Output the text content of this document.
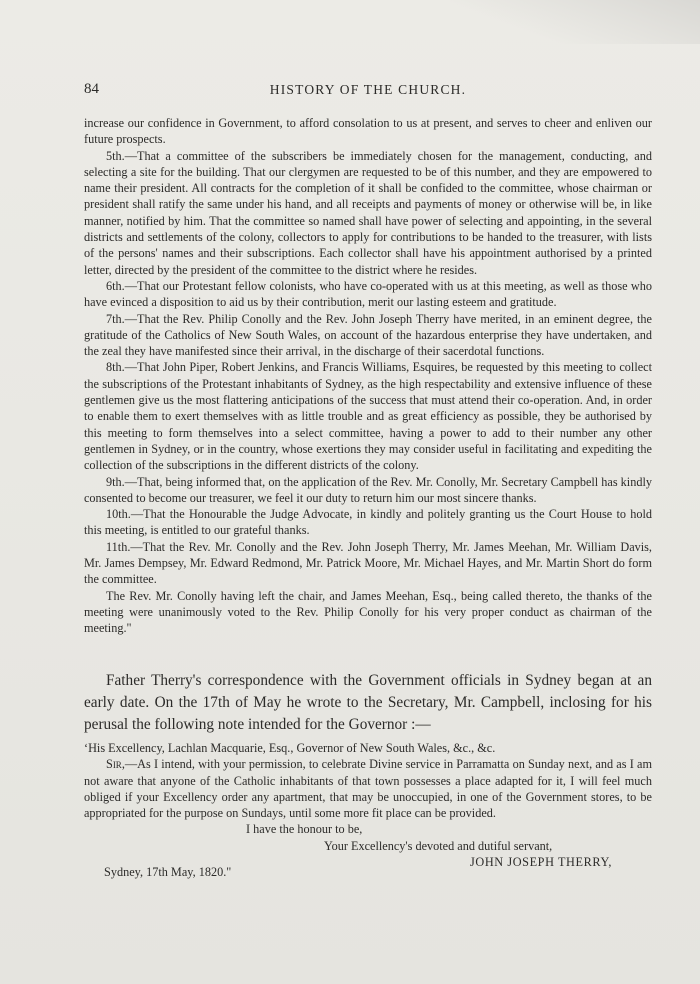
84	HISTORY OF THE CHURCH.

increase our confidence in Government, to afford consolation to us at present, and serves to cheer and enliven our future prospects.

5th.—That a committee of the subscribers be immediately chosen for the management, conducting, and selecting a site for the building. That our clergymen are requested to be of this number, and they are empowered to name their president. All contracts for the completion of it shall be confided to the committee, whose chairman or president shall ratify the same under his hand, and all receipts and payments of money or otherwise will be, in like manner, notified by him. That the committee so named shall have power of selecting and appointing, in the several districts and settlements of the colony, collectors to apply for contributions to be handed to the treasurer, with lists of the persons' names and their subscriptions. Each collector shall have his appointment authorised by a printed letter, directed by the president of the committee to the district where he resides.

6th.—That our Protestant fellow colonists, who have co-operated with us at this meeting, as well as those who have evinced a disposition to aid us by their contribution, merit our lasting esteem and gratitude.

7th.—That the Rev. Philip Conolly and the Rev. John Joseph Therry have merited, in an eminent degree, the gratitude of the Catholics of New South Wales, on account of the hazardous enterprise they have undertaken, and the zeal they have manifested since their arrival, in the discharge of their sacerdotal functions.

8th.—That John Piper, Robert Jenkins, and Francis Williams, Esquires, be requested by this meeting to collect the subscriptions of the Protestant inhabitants of Sydney, as the high respectability and extensive influence of these gentlemen give us the most flattering anticipations of the success that must attend their co-operation. And, in order to enable them to exert themselves with as little trouble and as great efficiency as possible, they be authorised by this meeting to form themselves into a select committee, having a power to add to their number any other gentlemen in Sydney, or in the country, whose exertions they may consider useful in facilitating and expediting the collection of the subscriptions in the different districts of the colony.

9th.—That, being informed that, on the application of the Rev. Mr. Conolly, Mr. Secretary Campbell has kindly consented to become our treasurer, we feel it our duty to return him our most sincere thanks.

10th.—That the Honourable the Judge Advocate, in kindly and politely granting us the Court House to hold this meeting, is entitled to our grateful thanks.

11th.—That the Rev. Mr. Conolly and the Rev. John Joseph Therry, Mr. James Meehan, Mr. William Davis, Mr. James Dempsey, Mr. Edward Redmond, Mr. Patrick Moore, Mr. Michael Hayes, and Mr. Martin Short do form the committee.

The Rev. Mr. Conolly having left the chair, and James Meehan, Esq., being called thereto, the thanks of the meeting were unanimously voted to the Rev. Philip Conolly for his very proper conduct as chairman of the meeting."

Father Therry's correspondence with the Government officials in Sydney began at an early date. On the 17th of May he wrote to the Secretary, Mr. Campbell, inclosing for his perusal the following note intended for the Governor :—

‘His Excellency, Lachlan Macquarie, Esq., Governor of New South Wales, &c., &c.

Sir,—As I intend, with your permission, to celebrate Divine service in Parramatta on Sunday next, and as I am not aware that anyone of the Catholic inhabitants of that town possesses a place adapted for it, I will feel much obliged if your Excellency order any apartment, that may be unoccupied, in one of the Government stores, to be appropriated for the purpose on Sundays, until some more fit place can be provided.

I have the honour to be,

Your Excellency's devoted and dutiful servant,

JOHN JOSEPH THERRY,

Sydney, 17th May, 1820."
